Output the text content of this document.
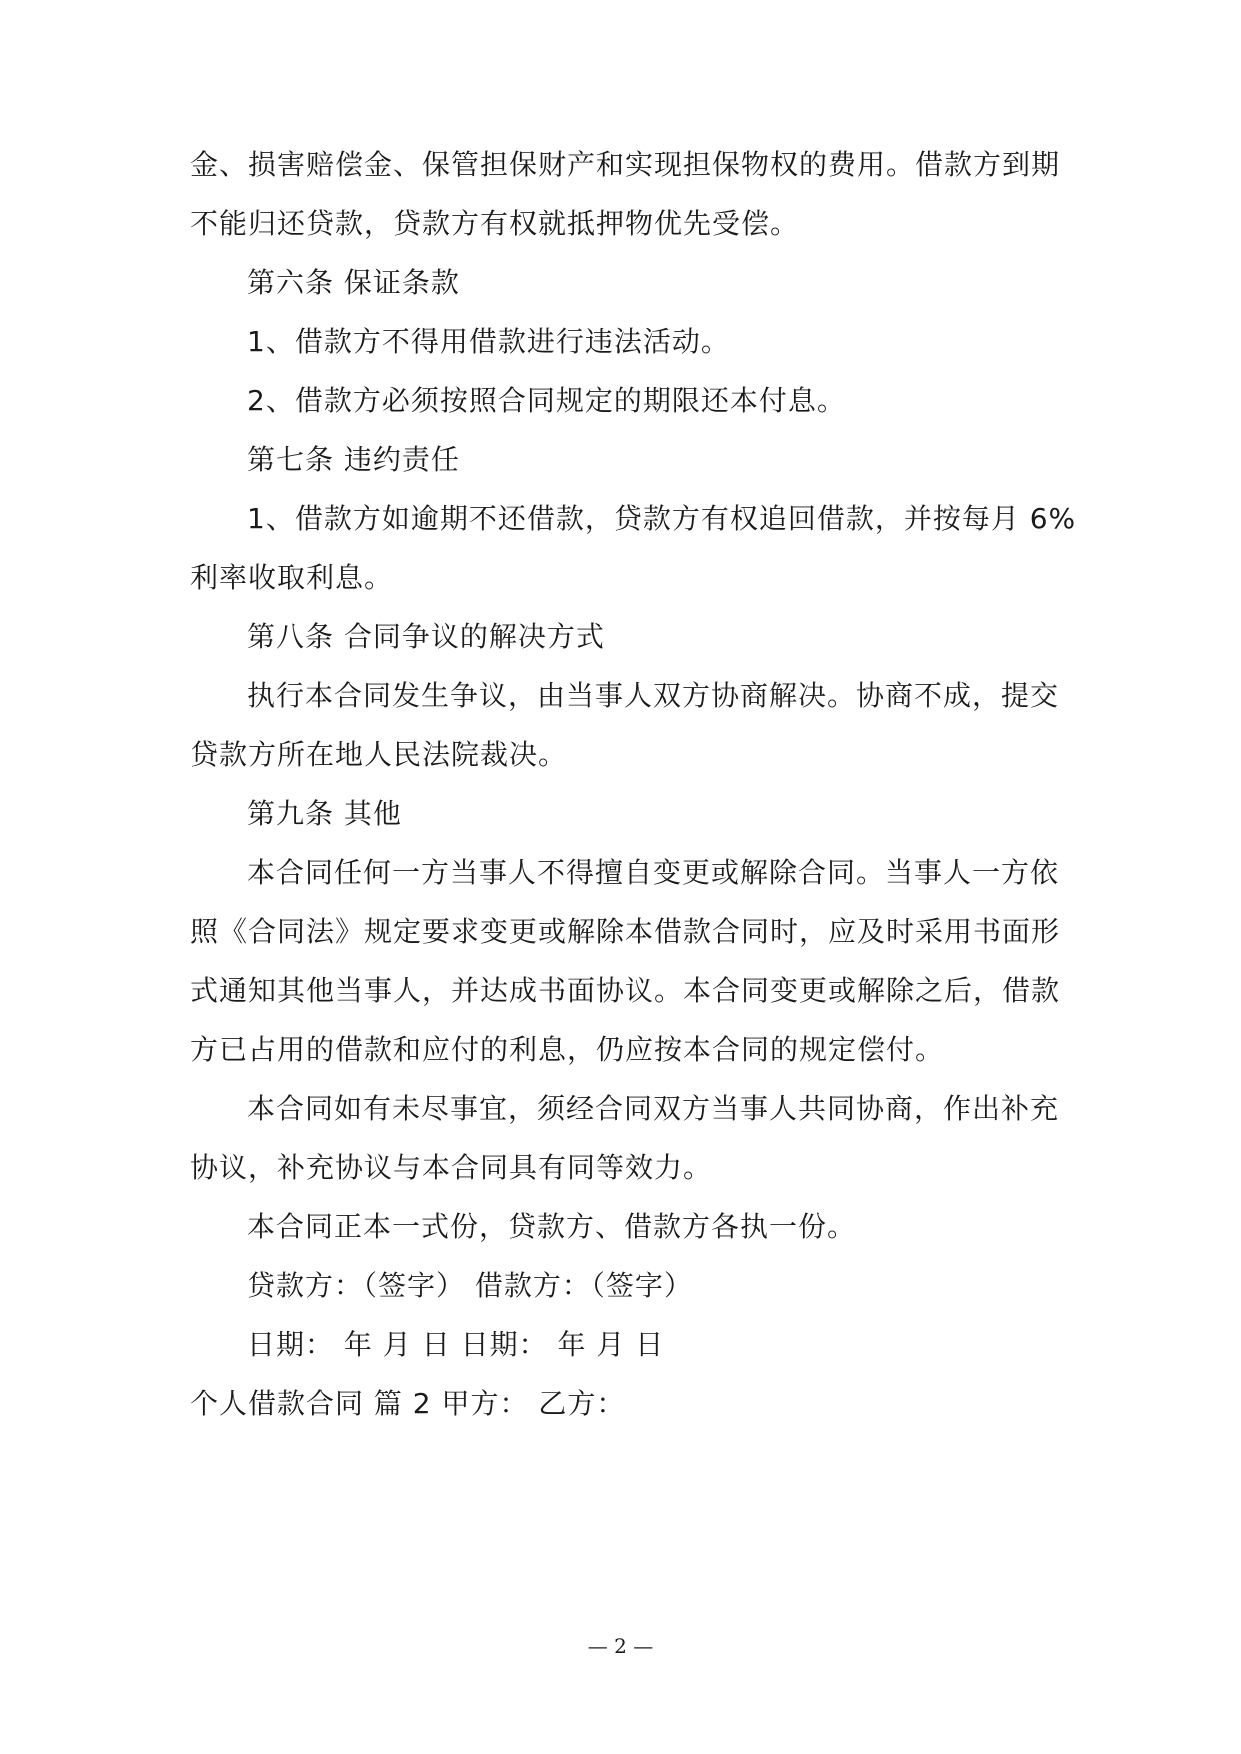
金、损害赔偿金、保管担保财产和实现担保物权的费用。借款方到期
不能归还贷款，贷款方有权就抵押物优先受偿。
第六条 保证条款
1、借款方不得用借款进行违法活动。
2、借款方必须按照合同规定的期限还本付息。
第七条 违约责任
1、借款方如逾期不还借款，贷款方有权追回借款，并按每月 6%
利率收取利息。
第八条 合同争议的解决方式
执行本合同发生争议，由当事人双方协商解决。协商不成，提交
贷款方所在地人民法院裁决。
第九条 其他
本合同任何一方当事人不得擅自变更或解除合同。当事人一方依
照《合同法》规定要求变更或解除本借款合同时，应及时采用书面形
式通知其他当事人，并达成书面协议。本合同变更或解除之后，借款
方已占用的借款和应付的利息，仍应按本合同的规定偿付。
本合同如有未尽事宜，须经合同双方当事人共同协商，作出补充
协议，补充协议与本合同具有同等效力。
本合同正本一式份，贷款方、借款方各执一份。
贷款方：（签字） 借款方：（签字）
日期： 年 月 日 日期： 年 月 日
个人借款合同 篇 2 甲方： 乙方：
— 2 —
